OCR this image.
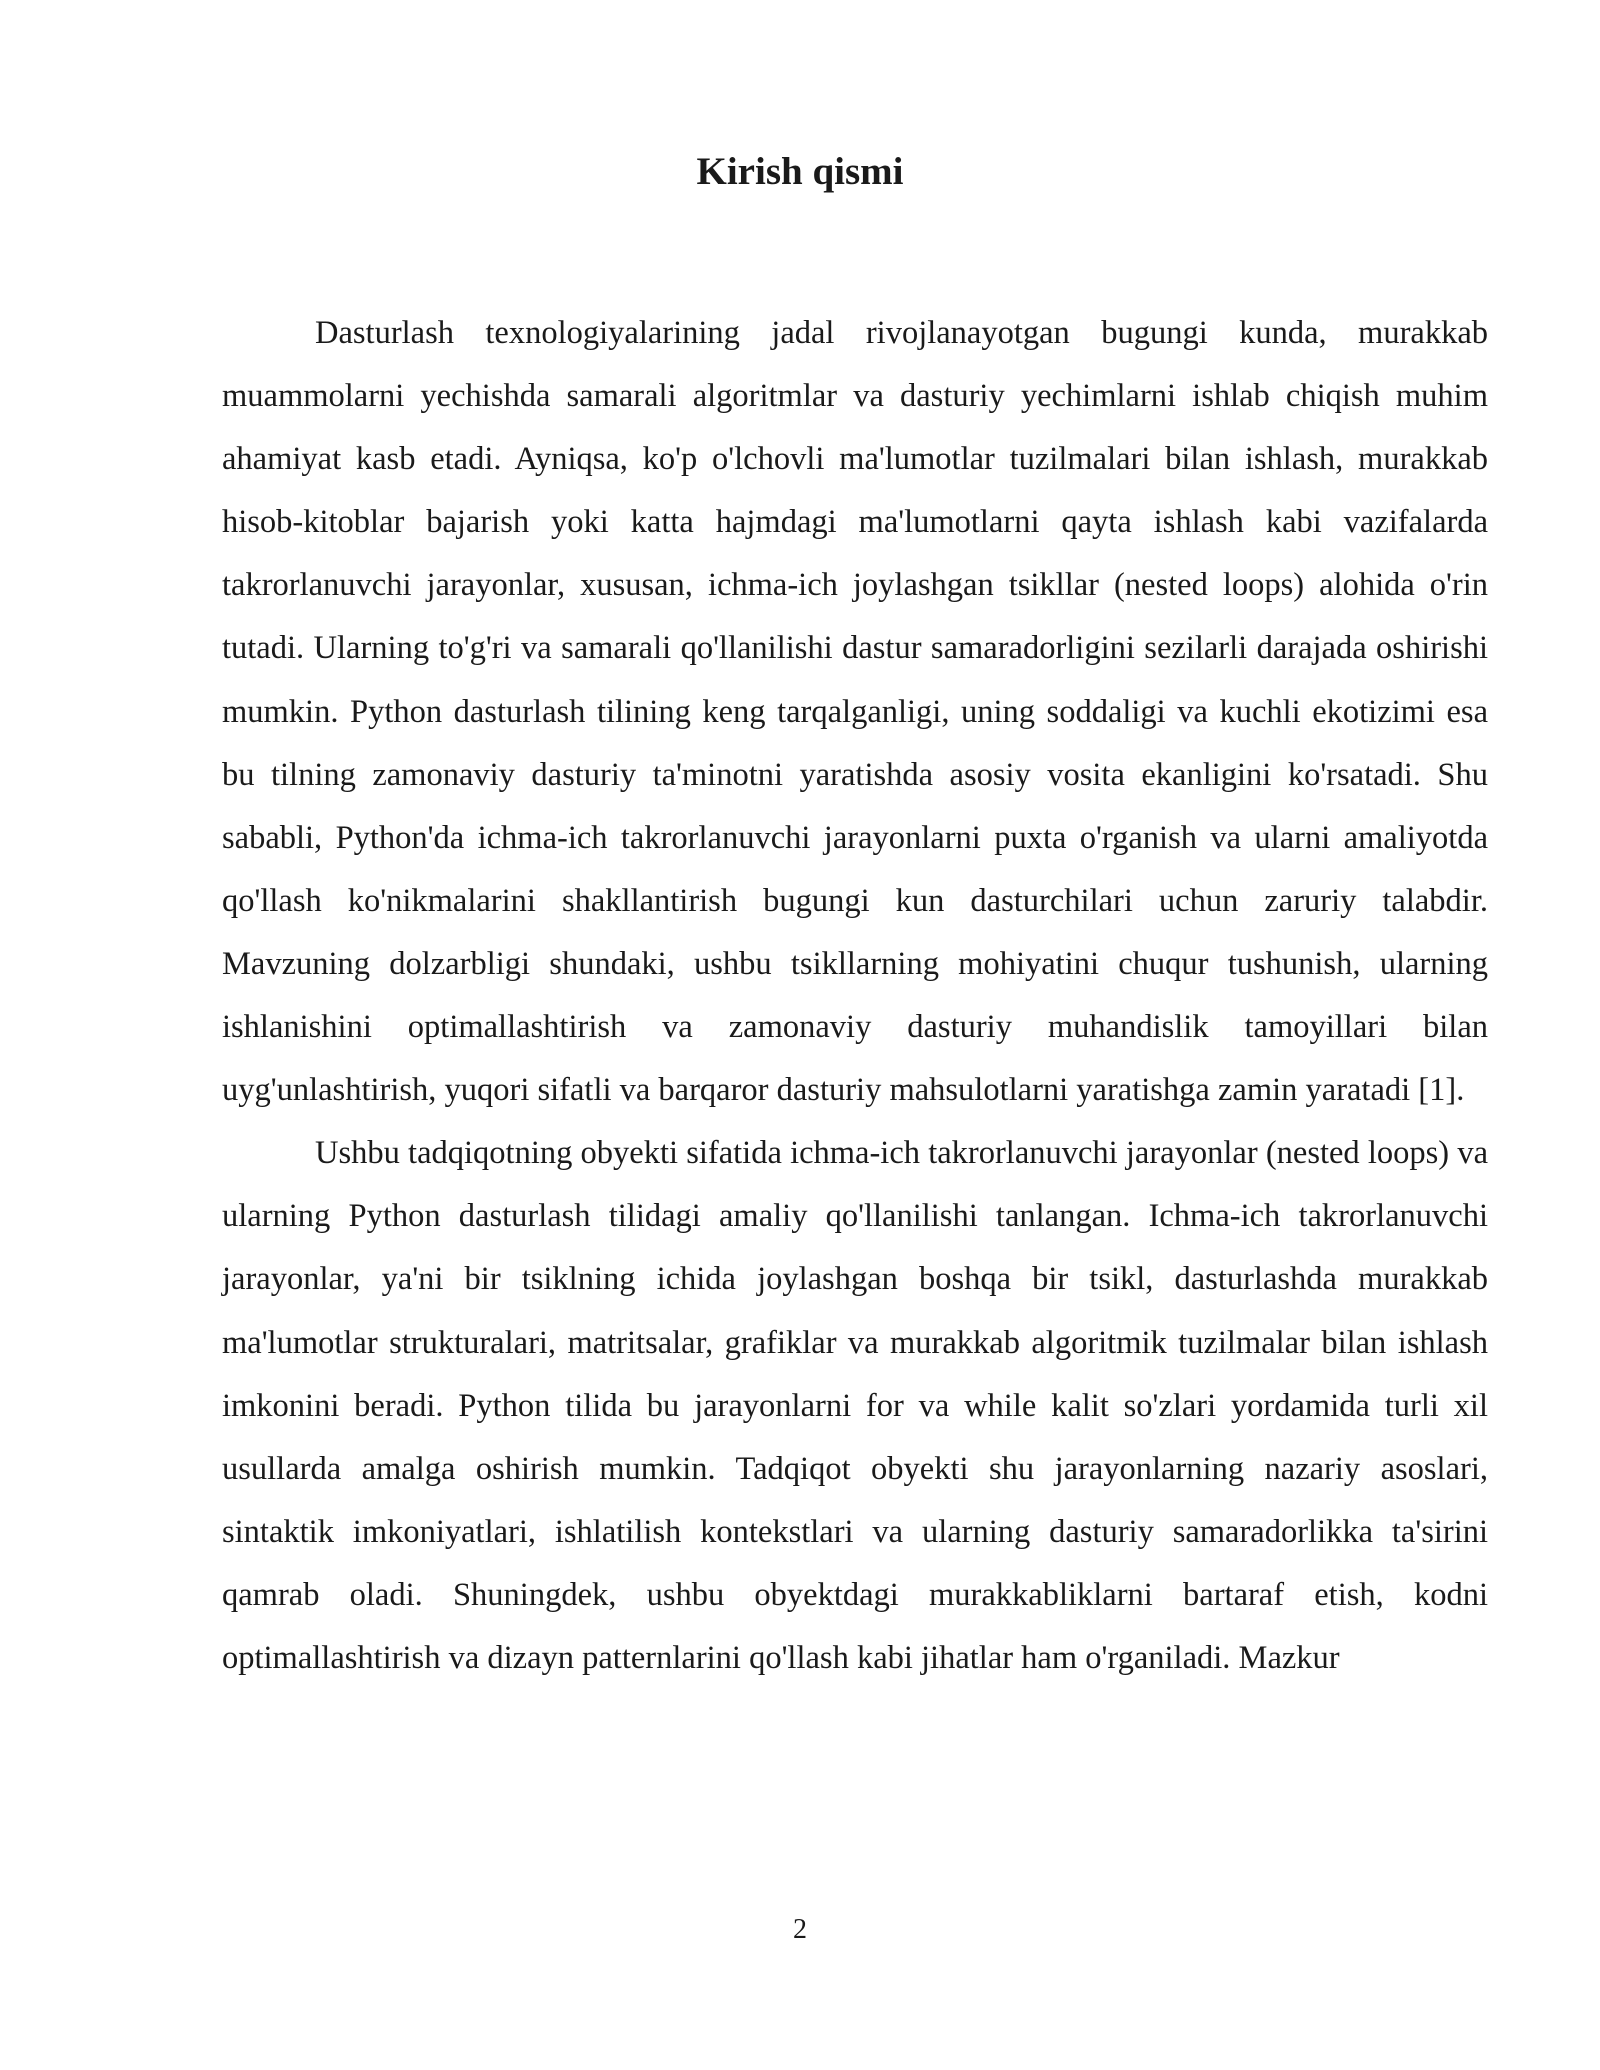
Kirish qismi

Dasturlash texnologiyalarining jadal rivojlanayotgan bugungi kunda, murakkab muammolarni yechishda samarali algoritmlar va dasturiy yechimlarni ishlab chiqish muhim ahamiyat kasb etadi. Ayniqsa, ko'p o'lchovli ma'lumotlar tuzilmalari bilan ishlash, murakkab hisob-kitoblar bajarish yoki katta hajmdagi ma'lumotlarni qayta ishlash kabi vazifalarda takrorlanuvchi jarayonlar, xususan, ichma-ich joylashgan tsikllar (nested loops) alohida o'rin tutadi. Ularning to'g'ri va samarali qo'llanilishi dastur samaradorligini sezilarli darajada oshirishi mumkin. Python dasturlash tilining keng tarqalganligi, uning soddaligi va kuchli ekotizimi esa bu tilning zamonaviy dasturiy ta'minotni yaratishda asosiy vosita ekanligini ko'rsatadi. Shu sababli, Python'da ichma-ich takrorlanuvchi jarayonlarni puxta o'rganish va ularni amaliyotda qo'llash ko'nikmalarini shakllantirish bugungi kun dasturchilari uchun zaruriy talabdir. Mavzuning dolzarbligi shundaki, ushbu tsikllarning mohiyatini chuqur tushunish, ularning ishlanishini optimallashtirish va zamonaviy dasturiy muhandislik tamoyillari bilan uyg'unlashtirish, yuqori sifatli va barqaror dasturiy mahsulotlarni yaratishga zamin yaratadi [1].

Ushbu tadqiqotning obyekti sifatida ichma-ich takrorlanuvchi jarayonlar (nested loops) va ularning Python dasturlash tilidagi amaliy qo'llanilishi tanlangan. Ichma-ich takrorlanuvchi jarayonlar, ya'ni bir tsiklning ichida joylashgan boshqa bir tsikl, dasturlashda murakkab ma'lumotlar strukturalari, matritsalar, grafiklar va murakkab algoritmik tuzilmalar bilan ishlash imkonini beradi. Python tilida bu jarayonlarni for va while kalit so'zlari yordamida turli xil usullarda amalga oshirish mumkin. Tadqiqot obyekti shu jarayonlarning nazariy asoslari, sintaktik imkoniyatlari, ishlatilish kontekstlari va ularning dasturiy samaradorlikka ta'sirini qamrab oladi. Shuningdek, ushbu obyektdagi murakkabliklarni bartaraf etish, kodni optimallashtirish va dizayn patternlarini qo'llash kabi jihatlar ham o'rganiladi. Mazkur

2
